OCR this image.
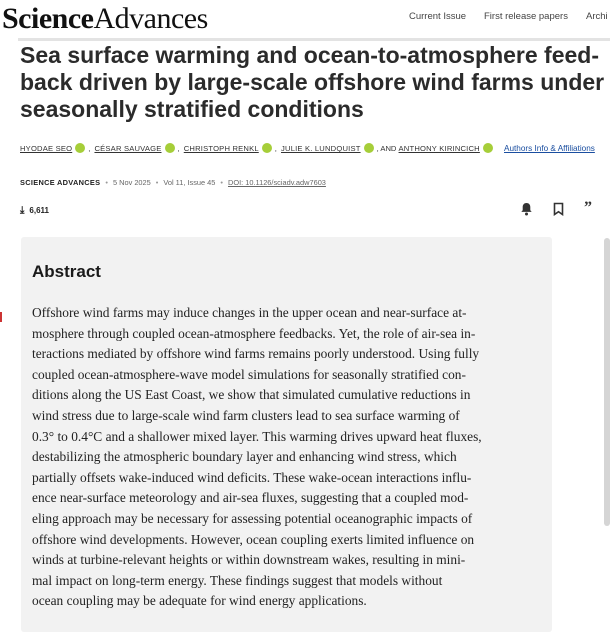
ScienceAdvances	Current Issue First release papers Archi
Sea surface warming and ocean-to-atmosphere feed-back driven by large-scale offshore wind farms under seasonally stratified conditions
HYODAE SEO , CÉSAR SAUVAGE , CHRISTOPH RENKL , JULIE K. LUNDQUIST , AND ANTHONY KIRINCICH	Authors Info & Affiliations
SCIENCE ADVANCES • 5 Nov 2025 • Vol 11, Issue 45 • DOI: 10.1126/sciadv.adw7603
⤓ 6,611	”
Abstract

Offshore wind farms may induce changes in the upper ocean and near-surface at-
mosphere through coupled ocean-atmosphere feedbacks. Yet, the role of air-sea in-
teractions mediated by offshore wind farms remains poorly understood. Using fully
coupled ocean-atmosphere-wave model simulations for seasonally stratified con-
ditions along the US East Coast, we show that simulated cumulative reductions in
wind stress due to large-scale wind farm clusters lead to sea surface warming of
0.3° to 0.4°C and a shallower mixed layer. This warming drives upward heat fluxes,
destabilizing the atmospheric boundary layer and enhancing wind stress, which
partially offsets wake-induced wind deficits. These wake-ocean interactions influ-
ence near-surface meteorology and air-sea fluxes, suggesting that a coupled mod-
eling approach may be necessary for assessing potential oceanographic impacts of
offshore wind developments. However, ocean coupling exerts limited influence on
winds at turbine-relevant heights or within downstream wakes, resulting in mini-
mal impact on long-term energy. These findings suggest that models without
ocean coupling may be adequate for wind energy applications.
